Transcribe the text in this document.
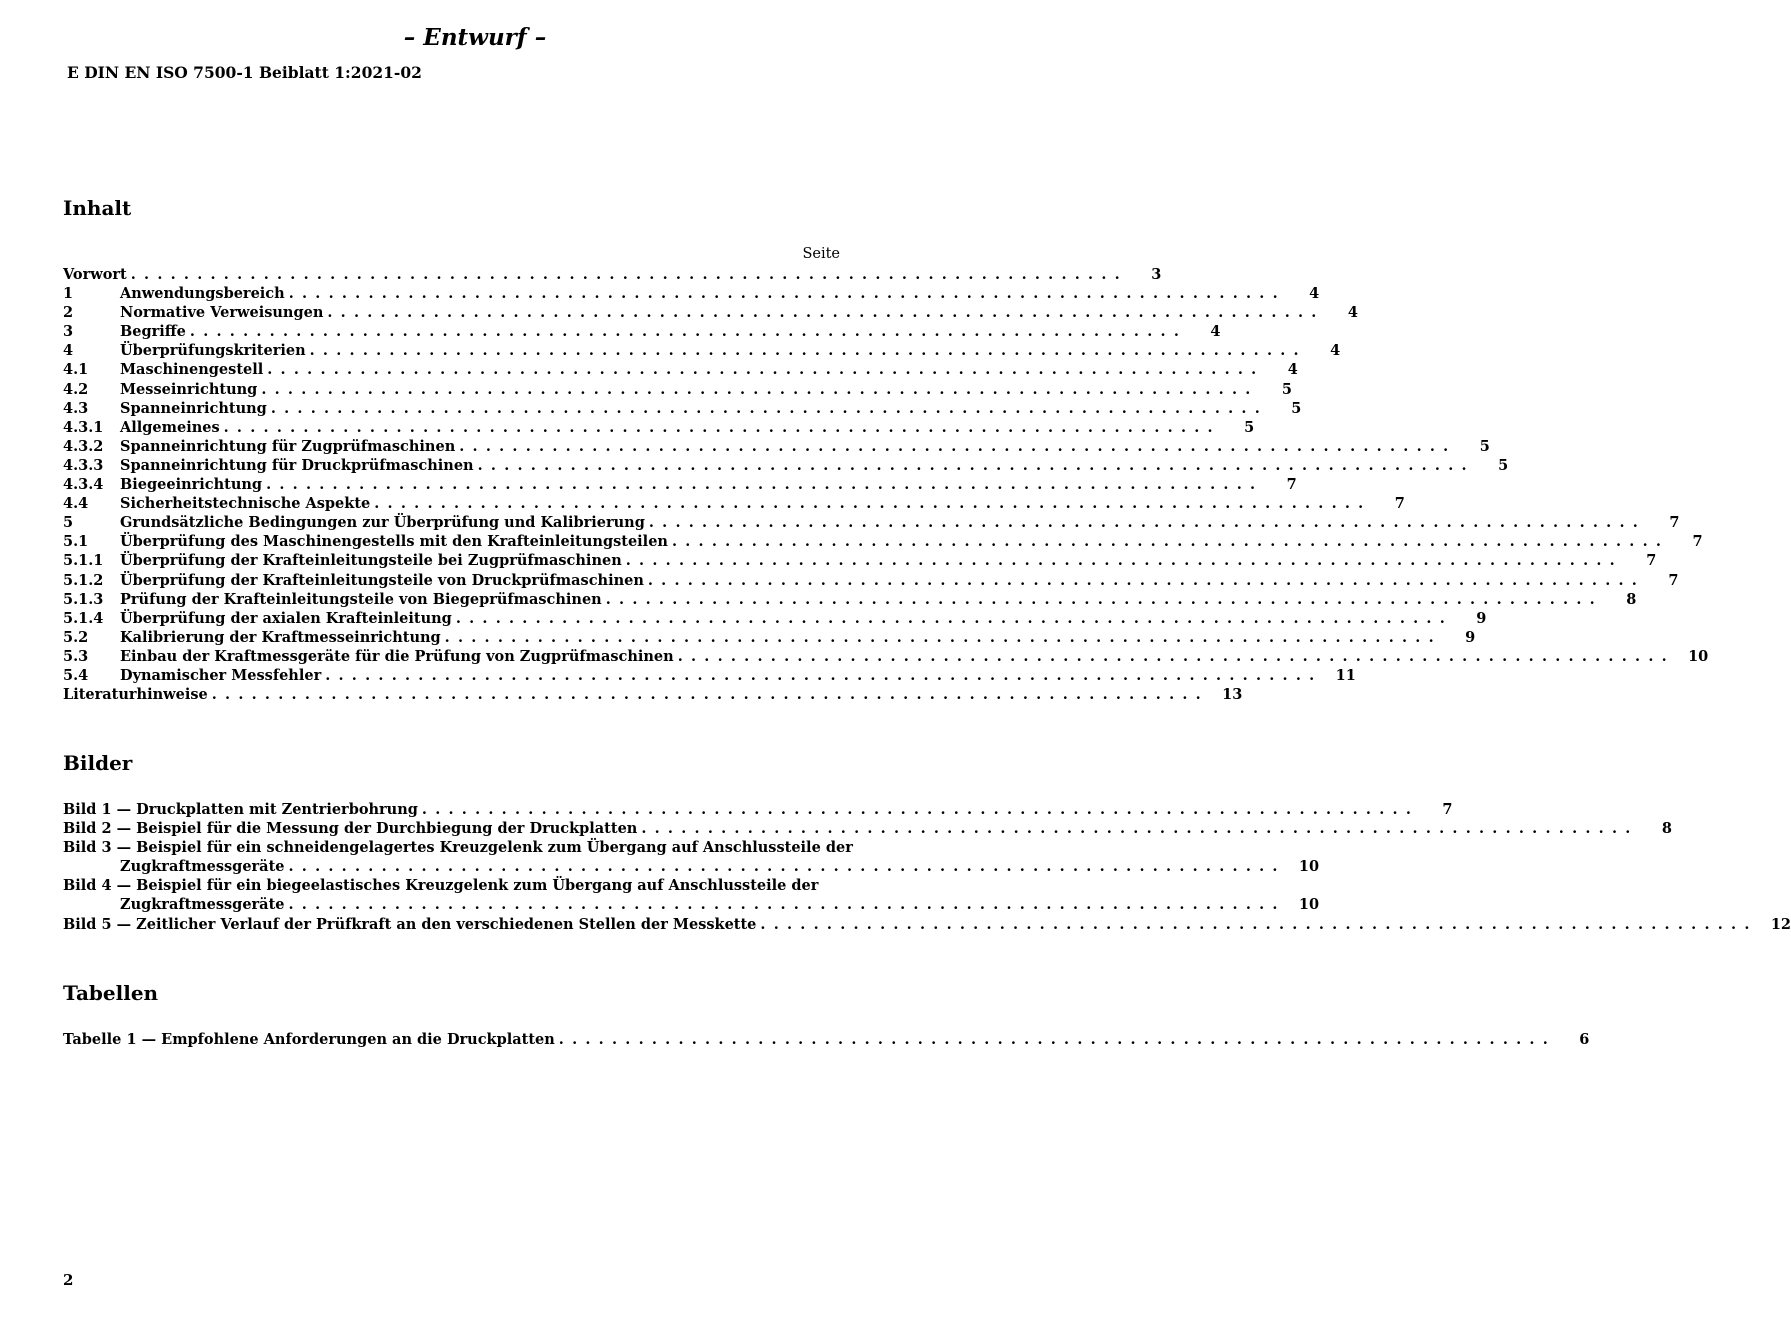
– Entwurf –
E DIN EN ISO 7500-1 Beiblatt 1:2021-02
Inhalt
Seite
Vorwort . . . . . . . . . . . . . . . . . . . . . . . . . . . . . . . . . . . . . . . . . . . . . . . . . . . . . . . . . . . . . . . . . . . . . . . . . . .	3
1	Anwendungsbereich . . . . . . . . . . . . . . . . . . . . . . . . . . . . . . . . . . . . . . . . . . . . . . . . . . . . . . . . . . . . . . . . . . . . . . . . . . .	4
2	Normative Verweisungen . . . . . . . . . . . . . . . . . . . . . . . . . . . . . . . . . . . . . . . . . . . . . . . . . . . . . . . . . . . . . . . . . . . . . . . . . . .	4
3	Begriffe . . . . . . . . . . . . . . . . . . . . . . . . . . . . . . . . . . . . . . . . . . . . . . . . . . . . . . . . . . . . . . . . . . . . . . . . . . .	4
4	Überprüfungskriterien . . . . . . . . . . . . . . . . . . . . . . . . . . . . . . . . . . . . . . . . . . . . . . . . . . . . . . . . . . . . . . . . . . . . . . . . . . .	4
4.1	Maschinengestell . . . . . . . . . . . . . . . . . . . . . . . . . . . . . . . . . . . . . . . . . . . . . . . . . . . . . . . . . . . . . . . . . . . . . . . . . . .	4
4.2	Messeinrichtung . . . . . . . . . . . . . . . . . . . . . . . . . . . . . . . . . . . . . . . . . . . . . . . . . . . . . . . . . . . . . . . . . . . . . . . . . . .	5
4.3	Spanneinrichtung . . . . . . . . . . . . . . . . . . . . . . . . . . . . . . . . . . . . . . . . . . . . . . . . . . . . . . . . . . . . . . . . . . . . . . . . . . .	5
4.3.1	Allgemeines . . . . . . . . . . . . . . . . . . . . . . . . . . . . . . . . . . . . . . . . . . . . . . . . . . . . . . . . . . . . . . . . . . . . . . . . . . .	5
4.3.2	Spanneinrichtung für Zugprüfmaschinen . . . . . . . . . . . . . . . . . . . . . . . . . . . . . . . . . . . . . . . . . . . . . . . . . . . . . . . . . . . . . . . . . . . . . . . . . . .	5
4.3.3	Spanneinrichtung für Druckprüfmaschinen . . . . . . . . . . . . . . . . . . . . . . . . . . . . . . . . . . . . . . . . . . . . . . . . . . . . . . . . . . . . . . . . . . . . . . . . . . .	5
4.3.4	Biegeeinrichtung . . . . . . . . . . . . . . . . . . . . . . . . . . . . . . . . . . . . . . . . . . . . . . . . . . . . . . . . . . . . . . . . . . . . . . . . . . .	7
4.4	Sicherheitstechnische Aspekte . . . . . . . . . . . . . . . . . . . . . . . . . . . . . . . . . . . . . . . . . . . . . . . . . . . . . . . . . . . . . . . . . . . . . . . . . . .	7
5	Grundsätzliche Bedingungen zur Überprüfung und Kalibrierung . . . . . . . . . . . . . . . . . . . . . . . . . . . . . . . . . . . . . . . . . . . . . . . . . . . . . . . . . . . . . . . . . . . . . . . . . . .	7
5.1	Überprüfung des Maschinengestells mit den Krafteinleitungsteilen . . . . . . . . . . . . . . . . . . . . . . . . . . . . . . . . . . . . . . . . . . . . . . . . . . . . . . . . . . . . . . . . . . . . . . . . . . .	7
5.1.1	Überprüfung der Krafteinleitungsteile bei Zugprüfmaschinen . . . . . . . . . . . . . . . . . . . . . . . . . . . . . . . . . . . . . . . . . . . . . . . . . . . . . . . . . . . . . . . . . . . . . . . . . . .	7
5.1.2	Überprüfung der Krafteinleitungsteile von Druckprüfmaschinen . . . . . . . . . . . . . . . . . . . . . . . . . . . . . . . . . . . . . . . . . . . . . . . . . . . . . . . . . . . . . . . . . . . . . . . . . . .	7
5.1.3	Prüfung der Krafteinleitungsteile von Biegeprüfmaschinen . . . . . . . . . . . . . . . . . . . . . . . . . . . . . . . . . . . . . . . . . . . . . . . . . . . . . . . . . . . . . . . . . . . . . . . . . . .	8
5.1.4	Überprüfung der axialen Krafteinleitung . . . . . . . . . . . . . . . . . . . . . . . . . . . . . . . . . . . . . . . . . . . . . . . . . . . . . . . . . . . . . . . . . . . . . . . . . . .	9
5.2	Kalibrierung der Kraftmesseinrichtung . . . . . . . . . . . . . . . . . . . . . . . . . . . . . . . . . . . . . . . . . . . . . . . . . . . . . . . . . . . . . . . . . . . . . . . . . . .	9
5.3	Einbau der Kraftmessgeräte für die Prüfung von Zugprüfmaschinen . . . . . . . . . . . . . . . . . . . . . . . . . . . . . . . . . . . . . . . . . . . . . . . . . . . . . . . . . . . . . . . . . . . . . . . . . . .	10
5.4	Dynamischer Messfehler . . . . . . . . . . . . . . . . . . . . . . . . . . . . . . . . . . . . . . . . . . . . . . . . . . . . . . . . . . . . . . . . . . . . . . . . . . .	11
Literaturhinweise . . . . . . . . . . . . . . . . . . . . . . . . . . . . . . . . . . . . . . . . . . . . . . . . . . . . . . . . . . . . . . . . . . . . . . . . . . .	13
Bilder
Bild 1 — Druckplatten mit Zentrierbohrung . . . . . . . . . . . . . . . . . . . . . . . . . . . . . . . . . . . . . . . . . . . . . . . . . . . . . . . . . . . . . . . . . . . . . . . . . . .	7
Bild 2 — Beispiel für die Messung der Durchbiegung der Druckplatten . . . . . . . . . . . . . . . . . . . . . . . . . . . . . . . . . . . . . . . . . . . . . . . . . . . . . . . . . . . . . . . . . . . . . . . . . . .	8
Bild 3 — Beispiel für ein schneidengelagertes Kreuzgelenk zum Übergang auf Anschlussteile der
Zugkraftmessgeräte . . . . . . . . . . . . . . . . . . . . . . . . . . . . . . . . . . . . . . . . . . . . . . . . . . . . . . . . . . . . . . . . . . . . . . . . . . .	10
Bild 4 — Beispiel für ein biegeelastisches Kreuzgelenk zum Übergang auf Anschlussteile der
Zugkraftmessgeräte . . . . . . . . . . . . . . . . . . . . . . . . . . . . . . . . . . . . . . . . . . . . . . . . . . . . . . . . . . . . . . . . . . . . . . . . . . .	10
Bild 5 — Zeitlicher Verlauf der Prüfkraft an den verschiedenen Stellen der Messkette . . . . . . . . . . . . . . . . . . . . . . . . . . . . . . . . . . . . . . . . . . . . . . . . . . . . . . . . . . . . . . . . . . . . . . . . . . .	12
Tabellen
Tabelle 1 — Empfohlene Anforderungen an die Druckplatten . . . . . . . . . . . . . . . . . . . . . . . . . . . . . . . . . . . . . . . . . . . . . . . . . . . . . . . . . . . . . . . . . . . . . . . . . . .	6
2
